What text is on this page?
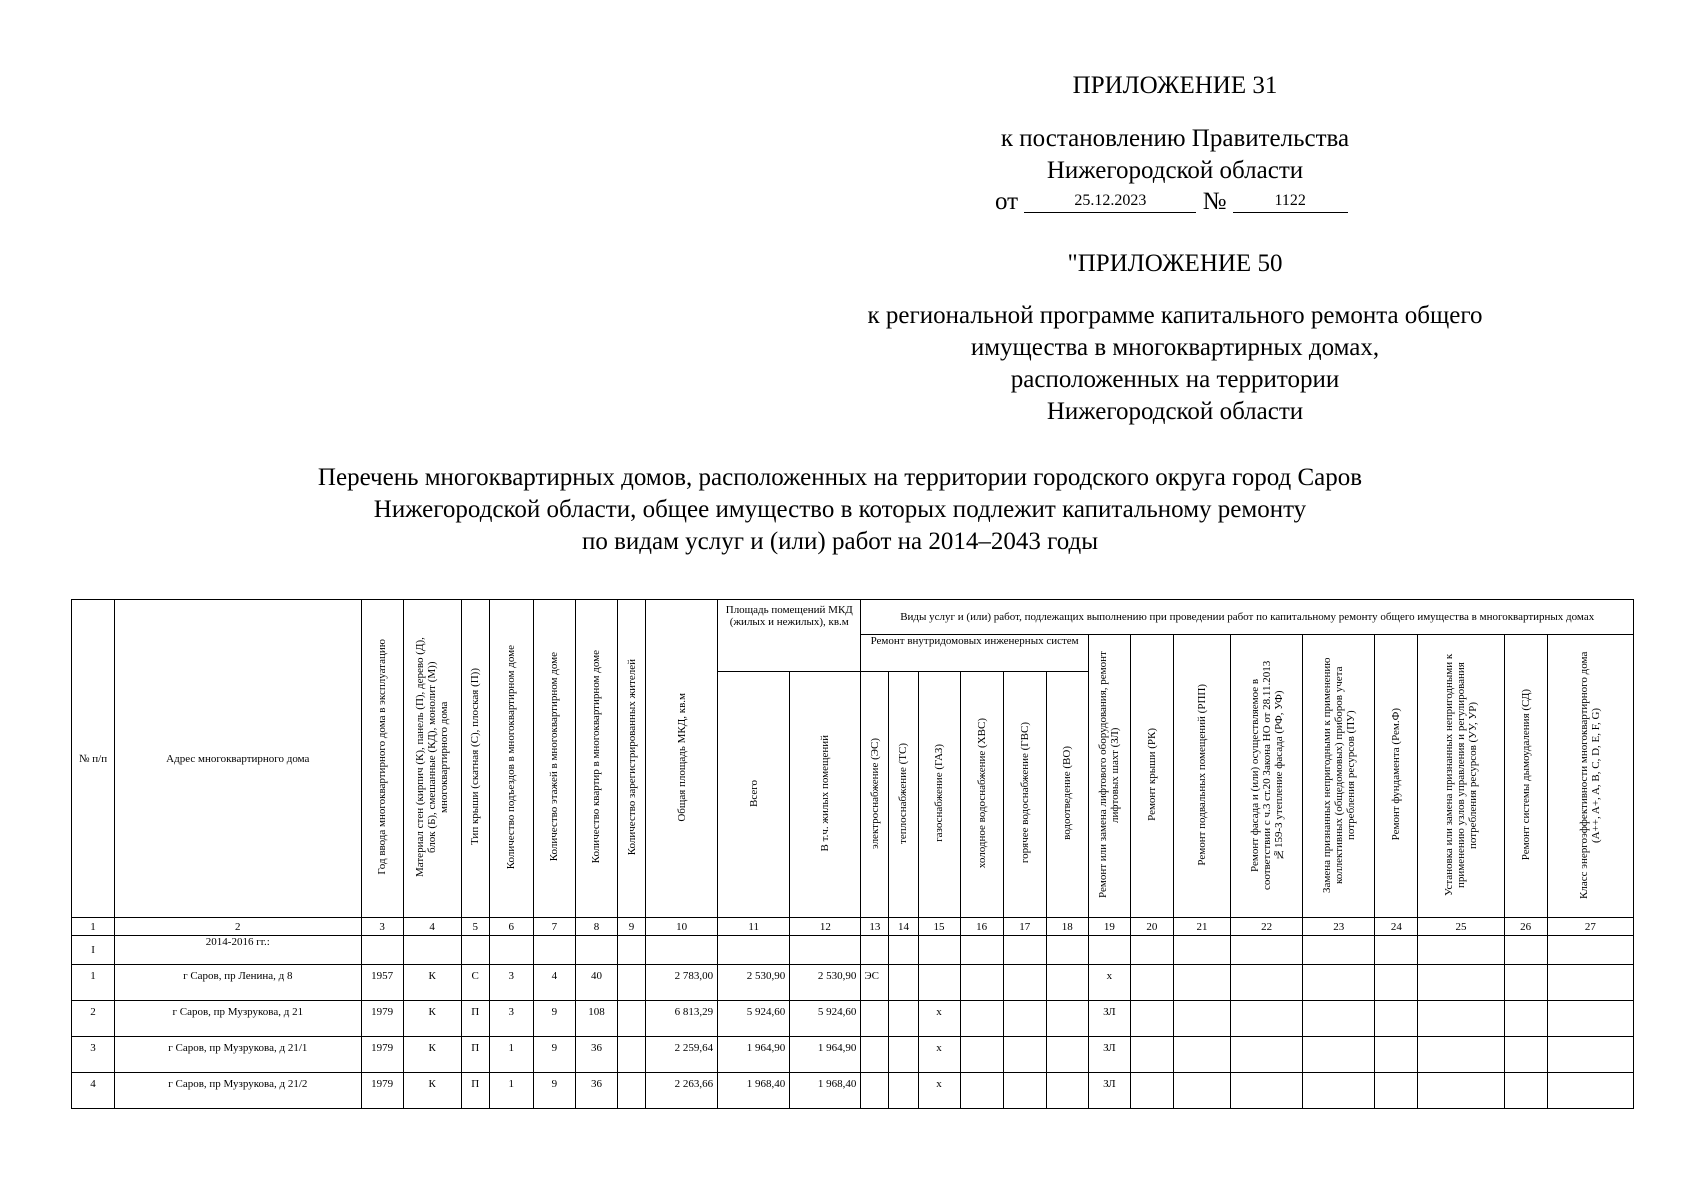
ПРИЛОЖЕНИЕ 31
к постановлению Правительства
Нижегородской области
от	25.12.2023 №	1122
"ПРИЛОЖЕНИЕ 50
к региональной программе капитального ремонта общего
имущества в многоквартирных домах,
расположенных на территории
Нижегородской области
Перечень многоквартирных домов, расположенных на территории городского округа город Саров
Нижегородской области, общее имущество в которых подлежит капитальному ремонту
по видам услуг и (или) работ на 2014–2043 годы
№ п/п	Адрес многоквартирного дома	Год ввода многоквартирного дома в эксплуатацию	Материал стен (кирпич (К), панель (П), дерево (Д), блок (Б), смешанные (КД), монолит (М)) многоквартирного дома	Тип крыши (скатная (С), плоская (П))	Количество подъездов в многоквартирном доме	Количество этажей в многоквартирном доме	Количество квартир в многоквартирном доме	Количество зарегистрированных жителей	Общая площадь МКД, кв.м	Площадь помещений МКД (жилых и нежилых), кв.м		Виды услуг и (или) работ, подлежащих выполнению при проведении работ по капитальному ремонту общего имущества в многоквартирных домах														
												Ремонт внутридомовых инженерных систем						Ремонт или замена лифтового оборудования, ремонт лифтовых шахт (ЗЛ)	Ремонт крыши (РК)	Ремонт подвальных помещений (РПП)	Ремонт фасада и (или) осуществляемое в соответствии с ч.3 ст.20 Закона НО от 28.11.2013 №159-З утепление фасада (РФ, УФ)	Замена признанных непригодными к применению коллективных (общедомовых) приборов учета потребления ресурсов (ПУ)	Ремонт фундамента (Рем.Ф)	Установка или замена признанных непригодными к применению узлов управления и регулирования потребления ресурсов (УУ, УР)	Ремонт системы дымоудаления (СД)	Класс энергоэффективности многоквартирного дома (A++, A+, A, B, C, D, E, F, G)
										Всего	В т.ч. жилых помещений	электроснабжение (ЭС)	теплоснабжение (ТС)	газоснабжение (ГАЗ)	холодное водоснабжение (ХВС)	горячее водоснабжение (ГВС)	водоотведение (ВО)									
1	2	3	4	5	6	7	8	9	10	11	12	13	14	15	16	17	18	19	20	21	22	23	24	25	26	27
I	2014-2016 гг.:																									
1	г Саров, пр Ленина, д 8	1957	К	С	3	4	40		2 783,00	2 530,90	2 530,90	ЭС						х								
2	г Саров, пр Музрукова, д 21	1979	К	П	3	9	108		6 813,29	5 924,60	5 924,60			х				ЗЛ								
3	г Саров, пр Музрукова, д 21/1	1979	К	П	1	9	36		2 259,64	1 964,90	1 964,90			х				ЗЛ								
4	г Саров, пр Музрукова, д 21/2	1979	К	П	1	9	36		2 263,66	1 968,40	1 968,40			х				ЗЛ								
